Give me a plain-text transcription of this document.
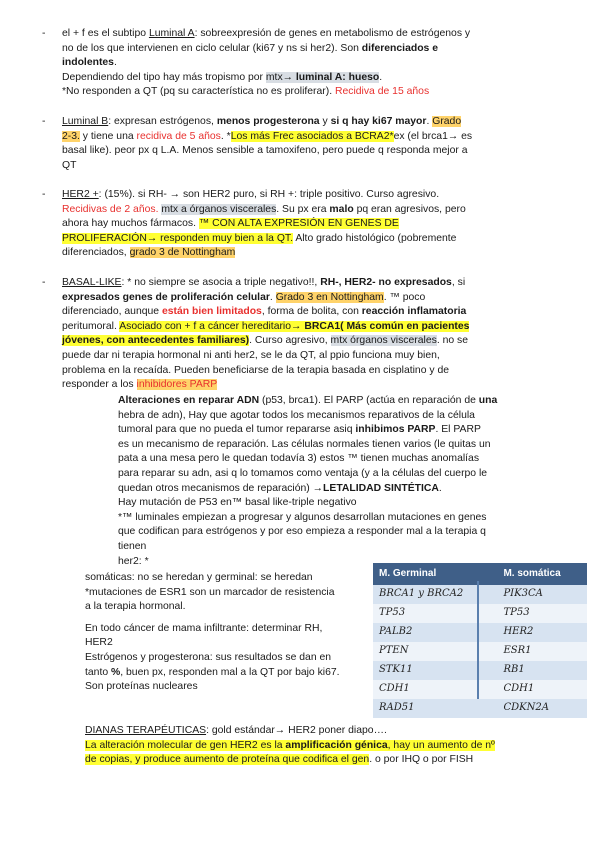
- el + f es el subtipo Luminal A: sobreexpresión de genes en metabolismo de estrógenos y

no de los que intervienen en ciclo celular (ki67 y ns si her2). Son diferenciados e

indolentes.

Dependiendo del tipo hay más tropismo por mtx→ luminal A: hueso.

*No responden a QT (pq su característica no es proliferar). Recidiva de 15 años

- Luminal B: expresan estrógenos, menos progesterona y si q hay ki67 mayor. Grado

2-3. y tiene una recidiva de 5 años. *Los más Frec asociados a BCRA2*ex (el brca1→ es

basal like). peor px q L.A. Menos sensible a tamoxifeno, pero puede q responda mejor a

QT

- HER2 +: (15%). si RH- → son HER2 puro, si RH +: triple positivo. Curso agresivo.

Recidivas de 2 años. mtx a órganos viscerales. Su px era malo pq eran agresivos, pero

ahora hay muchos fármacos. ™ CON ALTA EXPRESIÓN EN GENES DE

PROLIFERACIÓN→ responden muy bien a la QT. Alto grado histológico (pobremente

diferenciados, grado 3 de Nottingham

- BASAL-LIKE: * no siempre se asocia a triple negativo!!, RH-, HER2- no expresados, si

expresados genes de proliferación celular. Grado 3 en Nottingham. ™ poco

diferenciado, aunque están bien limitados, forma de bolita, con reacción inflamatoria

peritumoral. Asociado con + f a cáncer hereditario→ BRCA1( Más común en pacientes

jóvenes, con antecedentes familiares). Curso agresivo, mtx órganos viscerales. no se

puede dar ni terapia hormonal ni anti her2, se le da QT, al ppio funciona muy bien,

problema en la recaída. Pueden beneficiarse de la terapia basada en cisplatino y de

responder a los inhibidores PARP

Alteraciones en reparar ADN (p53, brca1). El PARP (actúa en reparación de una

hebra de adn), Hay que agotar todos los mecanismos reparativos de la célula

tumoral para que no pueda el tumor repararse asiq inhibimos PARP. El PARP

es un mecanismo de reparación. Las células normales tienen varios (le quitas un

pata a una mesa pero le quedan todavía 3) estos ™ tienen muchas anomalías

para reparar su adn, asi q lo tomamos como ventaja (y a la células del cuerpo le

quedan otros mecanismos de reparación) →LETALIDAD SINTÉTICA.

Hay mutación de P53 en™ basal like-triple negativo

*™ luminales empiezan a progresar y algunos desarrollan mutaciones en genes

que codifican para estrógenos y por eso empieza a responder mal a la terapia q

tienen

her2: *

somáticas: no se heredan y germinal: se heredan

*mutaciones de ESR1 son un marcador de resistencia

a la terapia hormonal.

En todo cáncer de mama infiltrante: determinar RH,

HER2

Estrógenos y progesterona: sus resultados se dan en

tanto %, buen px, responden mal a la QT por bajo ki67.

Son proteínas nucleares

M. Germinal	M. somática
BRCA1 y BRCA2	PIK3CA
TP53	TP53
PALB2	HER2
PTEN	ESR1
STK11	RB1
CDH1	CDH1
RAD51	CDKN2A

DIANAS TERAPÉUTICAS: gold estándar→ HER2 poner diapo….

La alteración molecular de gen HER2 es la amplificación génica, hay un aumento de nº

de copias, y produce aumento de proteína que codifica el gen. o por IHQ o por FISH
